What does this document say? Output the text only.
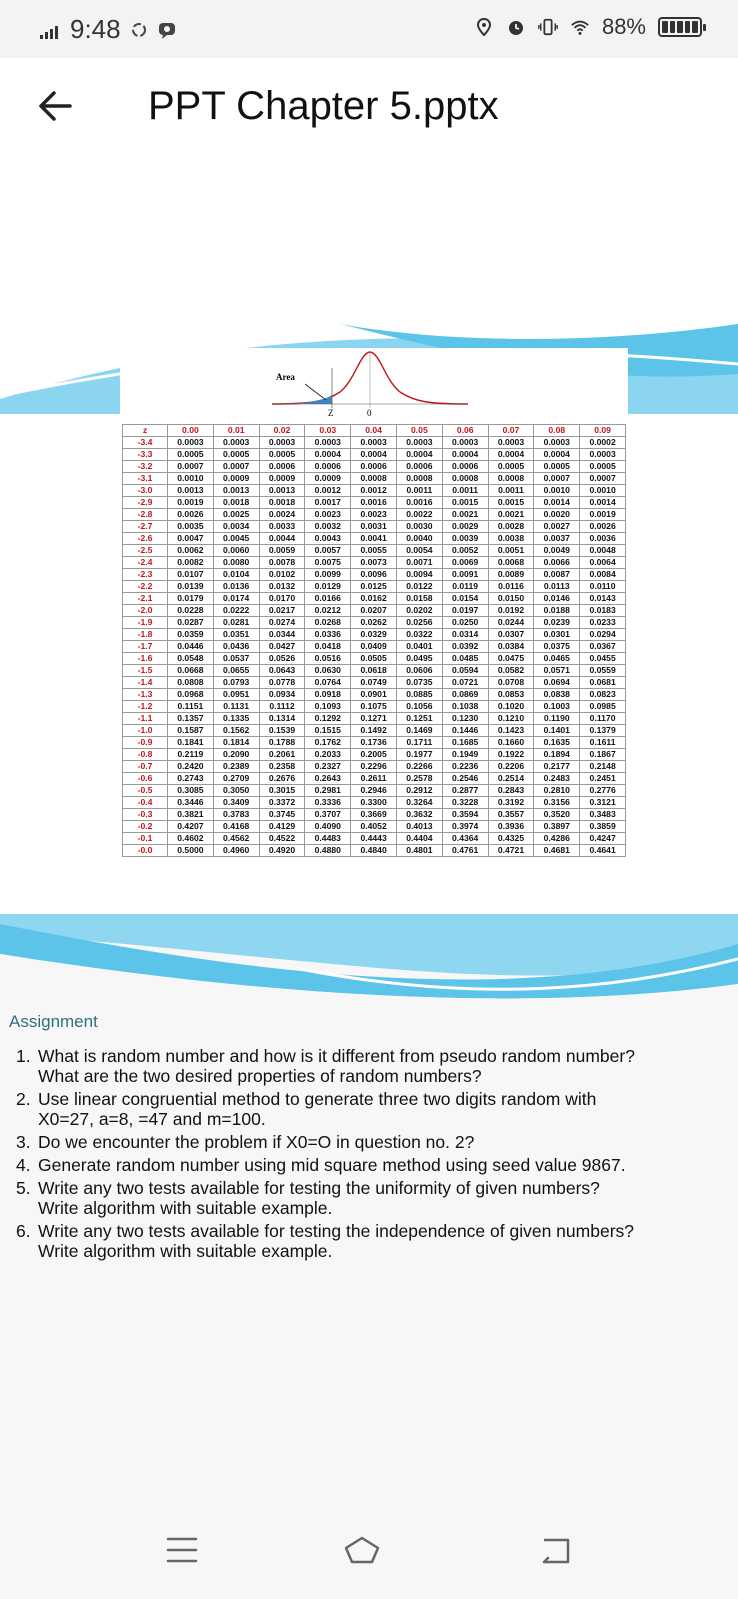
9:48	88%
PPT Chapter 5.pptx
Area
Z	0
z	0.00	0.01	0.02	0.03	0.04	0.05	0.06	0.07	0.08	0.09
-3.4	0.0003	0.0003	0.0003	0.0003	0.0003	0.0003	0.0003	0.0003	0.0003	0.0002
-3.3	0.0005	0.0005	0.0005	0.0004	0.0004	0.0004	0.0004	0.0004	0.0004	0.0003
-3.2	0.0007	0.0007	0.0006	0.0006	0.0006	0.0006	0.0006	0.0005	0.0005	0.0005
-3.1	0.0010	0.0009	0.0009	0.0009	0.0008	0.0008	0.0008	0.0008	0.0007	0.0007
-3.0	0.0013	0.0013	0.0013	0.0012	0.0012	0.0011	0.0011	0.0011	0.0010	0.0010
-2.9	0.0019	0.0018	0.0018	0.0017	0.0016	0.0016	0.0015	0.0015	0.0014	0.0014
-2.8	0.0026	0.0025	0.0024	0.0023	0.0023	0.0022	0.0021	0.0021	0.0020	0.0019
-2.7	0.0035	0.0034	0.0033	0.0032	0.0031	0.0030	0.0029	0.0028	0.0027	0.0026
-2.6	0.0047	0.0045	0.0044	0.0043	0.0041	0.0040	0.0039	0.0038	0.0037	0.0036
-2.5	0.0062	0.0060	0.0059	0.0057	0.0055	0.0054	0.0052	0.0051	0.0049	0.0048
-2.4	0.0082	0.0080	0.0078	0.0075	0.0073	0.0071	0.0069	0.0068	0.0066	0.0064
-2.3	0.0107	0.0104	0.0102	0.0099	0.0096	0.0094	0.0091	0.0089	0.0087	0.0084
-2.2	0.0139	0.0136	0.0132	0.0129	0.0125	0.0122	0.0119	0.0116	0.0113	0.0110
-2.1	0.0179	0.0174	0.0170	0.0166	0.0162	0.0158	0.0154	0.0150	0.0146	0.0143
-2.0	0.0228	0.0222	0.0217	0.0212	0.0207	0.0202	0.0197	0.0192	0.0188	0.0183
-1.9	0.0287	0.0281	0.0274	0.0268	0.0262	0.0256	0.0250	0.0244	0.0239	0.0233
-1.8	0.0359	0.0351	0.0344	0.0336	0.0329	0.0322	0.0314	0.0307	0.0301	0.0294
-1.7	0.0446	0.0436	0.0427	0.0418	0.0409	0.0401	0.0392	0.0384	0.0375	0.0367
-1.6	0.0548	0.0537	0.0526	0.0516	0.0505	0.0495	0.0485	0.0475	0.0465	0.0455
-1.5	0.0668	0.0655	0.0643	0.0630	0.0618	0.0606	0.0594	0.0582	0.0571	0.0559
-1.4	0.0808	0.0793	0.0778	0.0764	0.0749	0.0735	0.0721	0.0708	0.0694	0.0681
-1.3	0.0968	0.0951	0.0934	0.0918	0.0901	0.0885	0.0869	0.0853	0.0838	0.0823
-1.2	0.1151	0.1131	0.1112	0.1093	0.1075	0.1056	0.1038	0.1020	0.1003	0.0985
-1.1	0.1357	0.1335	0.1314	0.1292	0.1271	0.1251	0.1230	0.1210	0.1190	0.1170
-1.0	0.1587	0.1562	0.1539	0.1515	0.1492	0.1469	0.1446	0.1423	0.1401	0.1379
-0.9	0.1841	0.1814	0.1788	0.1762	0.1736	0.1711	0.1685	0.1660	0.1635	0.1611
-0.8	0.2119	0.2090	0.2061	0.2033	0.2005	0.1977	0.1949	0.1922	0.1894	0.1867
-0.7	0.2420	0.2389	0.2358	0.2327	0.2296	0.2266	0.2236	0.2206	0.2177	0.2148
-0.6	0.2743	0.2709	0.2676	0.2643	0.2611	0.2578	0.2546	0.2514	0.2483	0.2451
-0.5	0.3085	0.3050	0.3015	0.2981	0.2946	0.2912	0.2877	0.2843	0.2810	0.2776
-0.4	0.3446	0.3409	0.3372	0.3336	0.3300	0.3264	0.3228	0.3192	0.3156	0.3121
-0.3	0.3821	0.3783	0.3745	0.3707	0.3669	0.3632	0.3594	0.3557	0.3520	0.3483
-0.2	0.4207	0.4168	0.4129	0.4090	0.4052	0.4013	0.3974	0.3936	0.3897	0.3859
-0.1	0.4602	0.4562	0.4522	0.4483	0.4443	0.4404	0.4364	0.4325	0.4286	0.4247
-0.0	0.5000	0.4960	0.4920	0.4880	0.4840	0.4801	0.4761	0.4721	0.4681	0.4641
Assignment
1. What is random number and how is it different from pseudo random number?
What are the two desired properties of random numbers?
2. Use linear congruential method to generate three two digits random with
X0=27, a=8, =47 and m=100.
3. Do we encounter the problem if X0=O in question no. 2?
4. Generate random number using mid square method using seed value 9867.
5. Write any two tests available for testing the uniformity of given numbers?
Write algorithm with suitable example.
6. Write any two tests available for testing the independence of given numbers?
Write algorithm with suitable example.
